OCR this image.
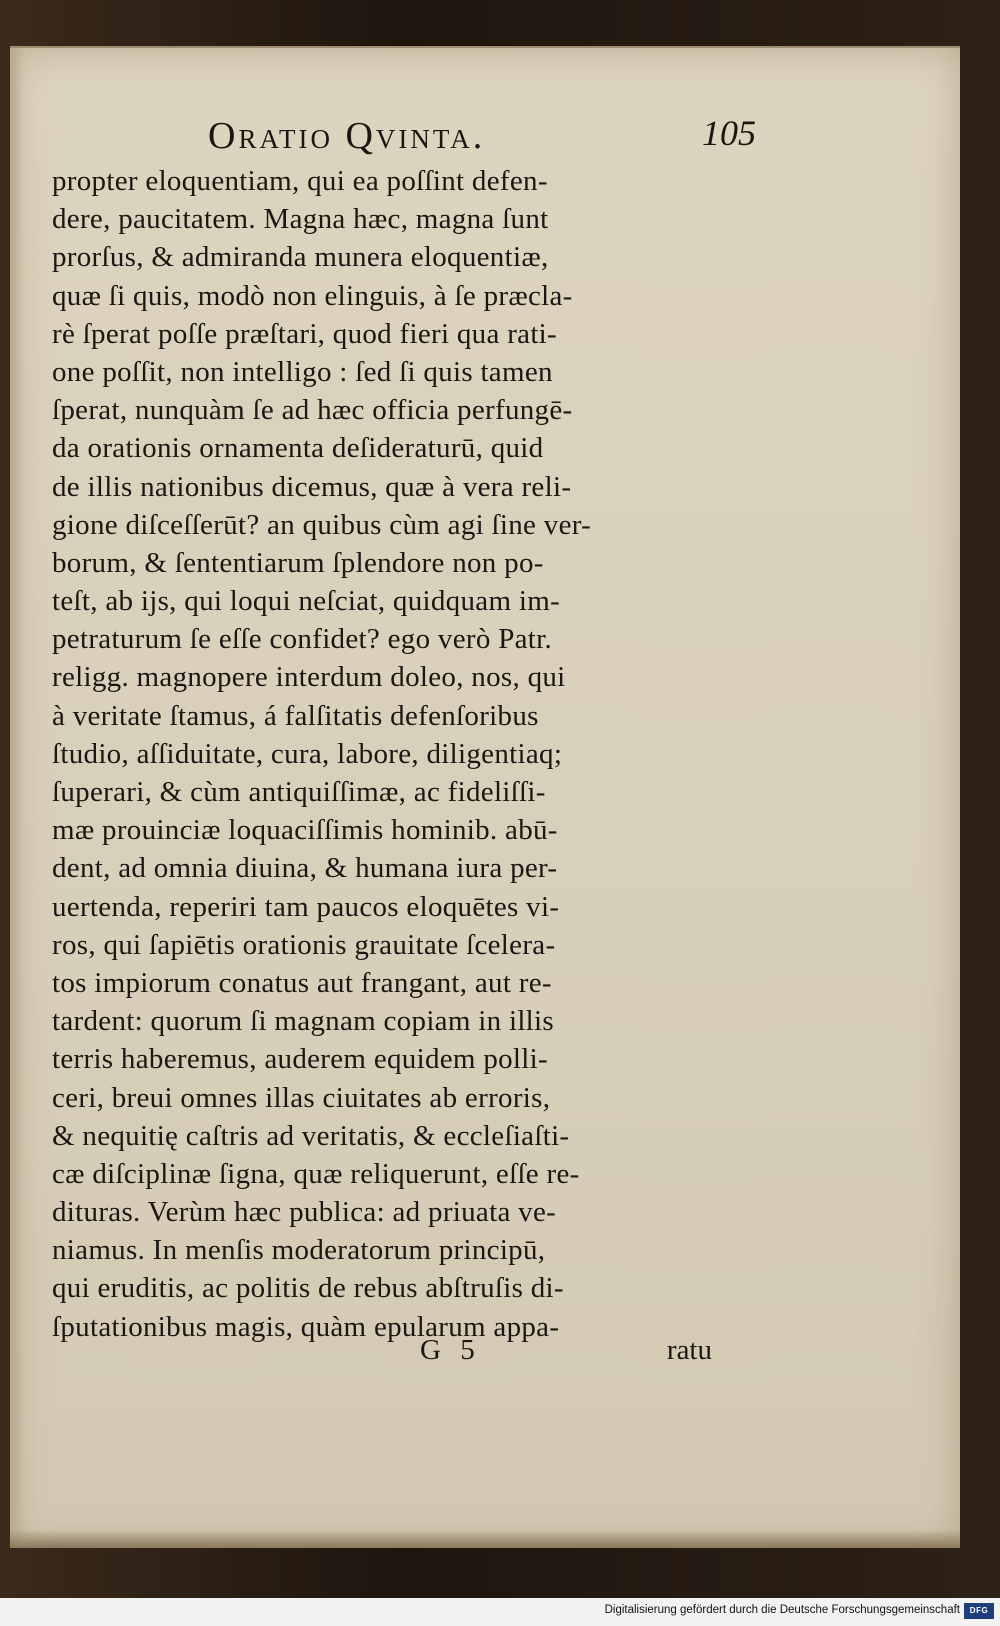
Oratio Qvinta.	105
propter eloquentiam, qui ea poſſint defen-
dere, paucitatem. Magna hæc, magna ſunt
prorſus, & admiranda munera eloquentiæ,
quæ ſi quis, modò non elinguis, à ſe præcla-
rè ſperat poſſe præſtari, quod fieri qua rati-
one poſſit, non intelligo : ſed ſi quis tamen
ſperat, nunquàm ſe ad hæc officia perfungē-
da orationis ornamenta deſideraturū, quid
de illis nationibus dicemus, quæ à vera reli-
gione diſceſſerūt? an quibus cùm agi ſine ver-
borum, & ſententiarum ſplendore non po-
teſt, ab ijs, qui loqui neſciat, quidquam im-
petraturum ſe eſſe confidet? ego verò Patr.
religg. magnopere interdum doleo, nos, qui
à veritate ſtamus, á falſitatis defenſoribus
ſtudio, aſſiduitate, cura, labore, diligentiaq;
ſuperari, & cùm antiquiſſimæ, ac fideliſſi-
mæ prouinciæ loquaciſſimis hominib. abū-
dent, ad omnia diuina, & humana iura per-
uertenda, reperiri tam paucos eloquētes vi-
ros, qui ſapiētis orationis grauitate ſcelera-
tos impiorum conatus aut frangant, aut re-
tardent: quorum ſi magnam copiam in illis
terris haberemus, auderem equidem polli-
ceri, breui omnes illas ciuitates ab erroris,
& nequitię caſtris ad veritatis, & eccleſiaſti-
cæ diſciplinæ ſigna, quæ reliquerunt, eſſe re-
dituras. Verùm hæc publica: ad priuata ve-
niamus. In menſis moderatorum principū,
qui eruditis, ac politis de rebus abſtruſis di-
ſputationibus magis, quàm epularum appa-
G 5	ratu
Digitalisierung gefördert durch die Deutsche Forschungsgemeinschaft	DFG
